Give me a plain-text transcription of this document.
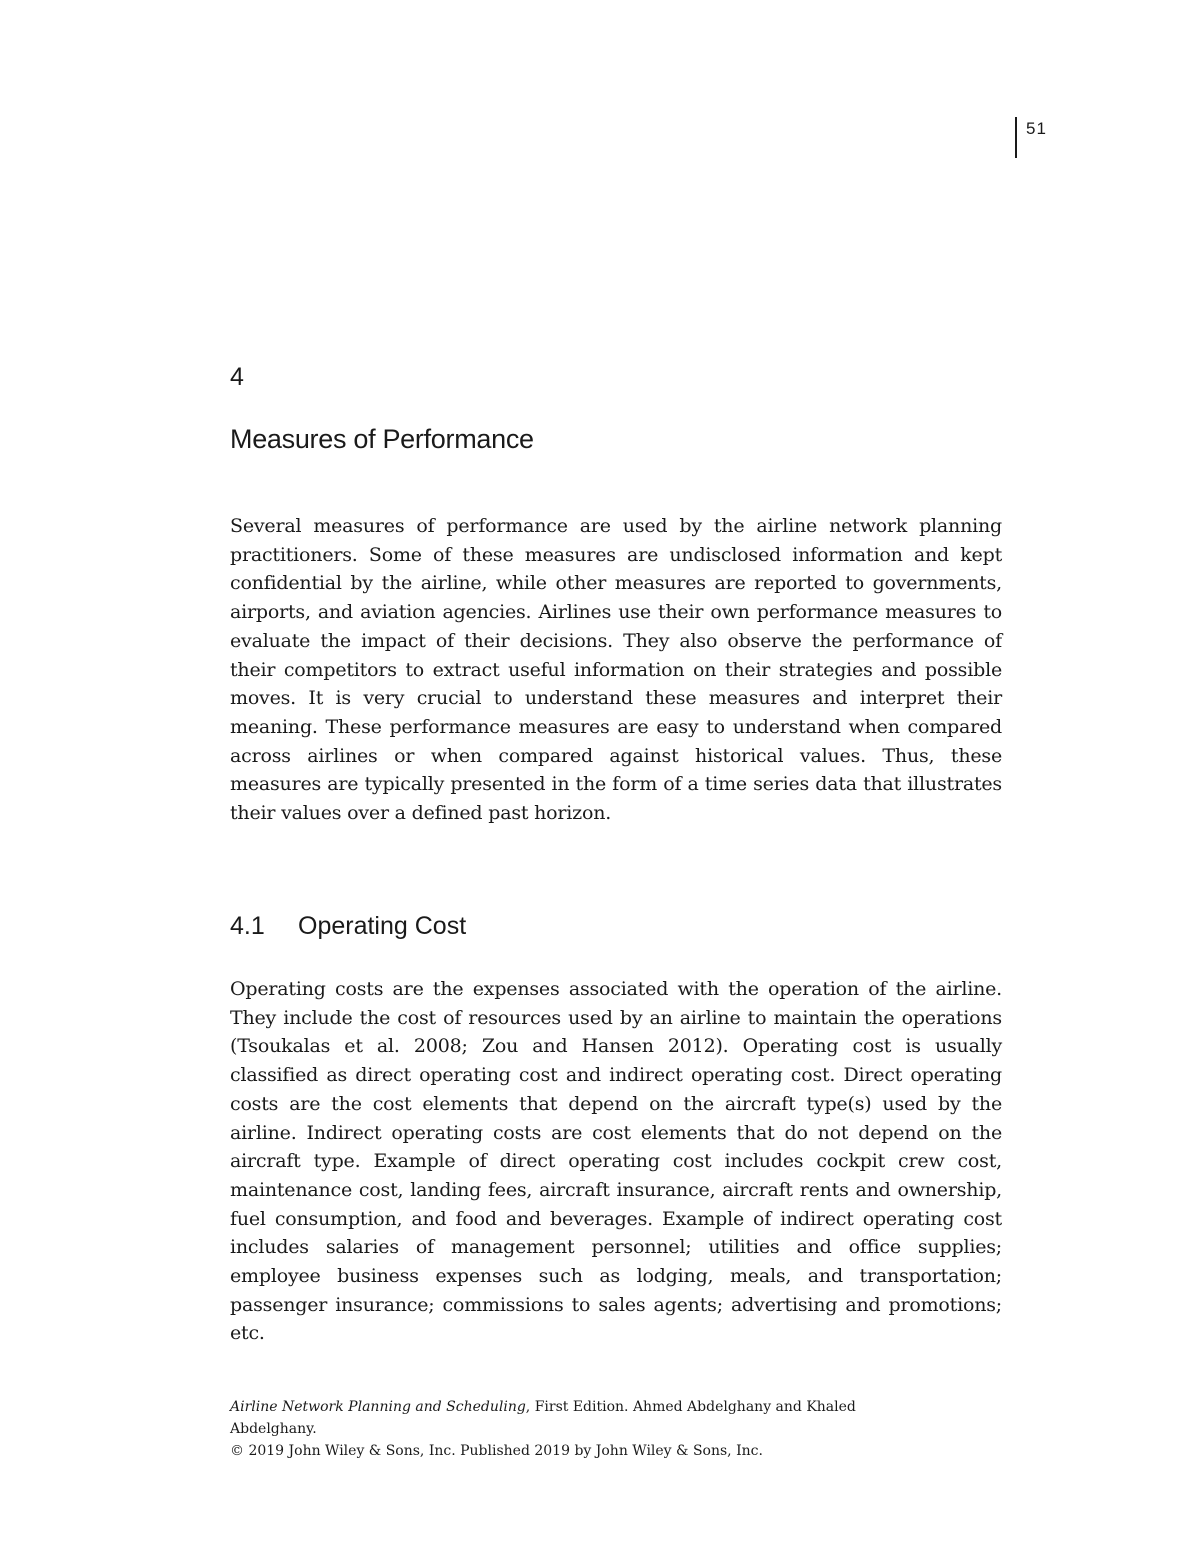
51
4
Measures of Performance

Several measures of performance are used by the airline network planning practitioners. Some of these measures are undisclosed information and kept confidential by the airline, while other measures are reported to governments, airports, and aviation agencies. Airlines use their own performance measures to evaluate the impact of their decisions. They also observe the performance of their competitors to extract useful information on their strategies and possible moves. It is very crucial to understand these measures and interpret their meaning. These performance measures are easy to understand when compared across airlines or when compared against historical values. Thus, these measures are typically presented in the form of a time series data that illustrates their values over a defined past horizon.

4.1 Operating Cost

Operating costs are the expenses associated with the operation of the airline. They include the cost of resources used by an airline to maintain the operations (Tsoukalas et al. 2008; Zou and Hansen 2012). Operating cost is usually classified as direct operating cost and indirect operating cost. Direct operating costs are the cost elements that depend on the aircraft type(s) used by the airline. Indirect operating costs are cost elements that do not depend on the aircraft type. Example of direct operating cost includes cockpit crew cost, maintenance cost, landing fees, aircraft insurance, aircraft rents and ownership, fuel consumption, and food and beverages. Example of indirect operating cost includes salaries of management personnel; utilities and office supplies; employee business expenses such as lodging, meals, and transportation; passenger insurance; commissions to sales agents; advertising and promotions; etc.

Airline Network Planning and Scheduling, First Edition. Ahmed Abdelghany and Khaled Abdelghany.
© 2019 John Wiley & Sons, Inc. Published 2019 by John Wiley & Sons, Inc.
